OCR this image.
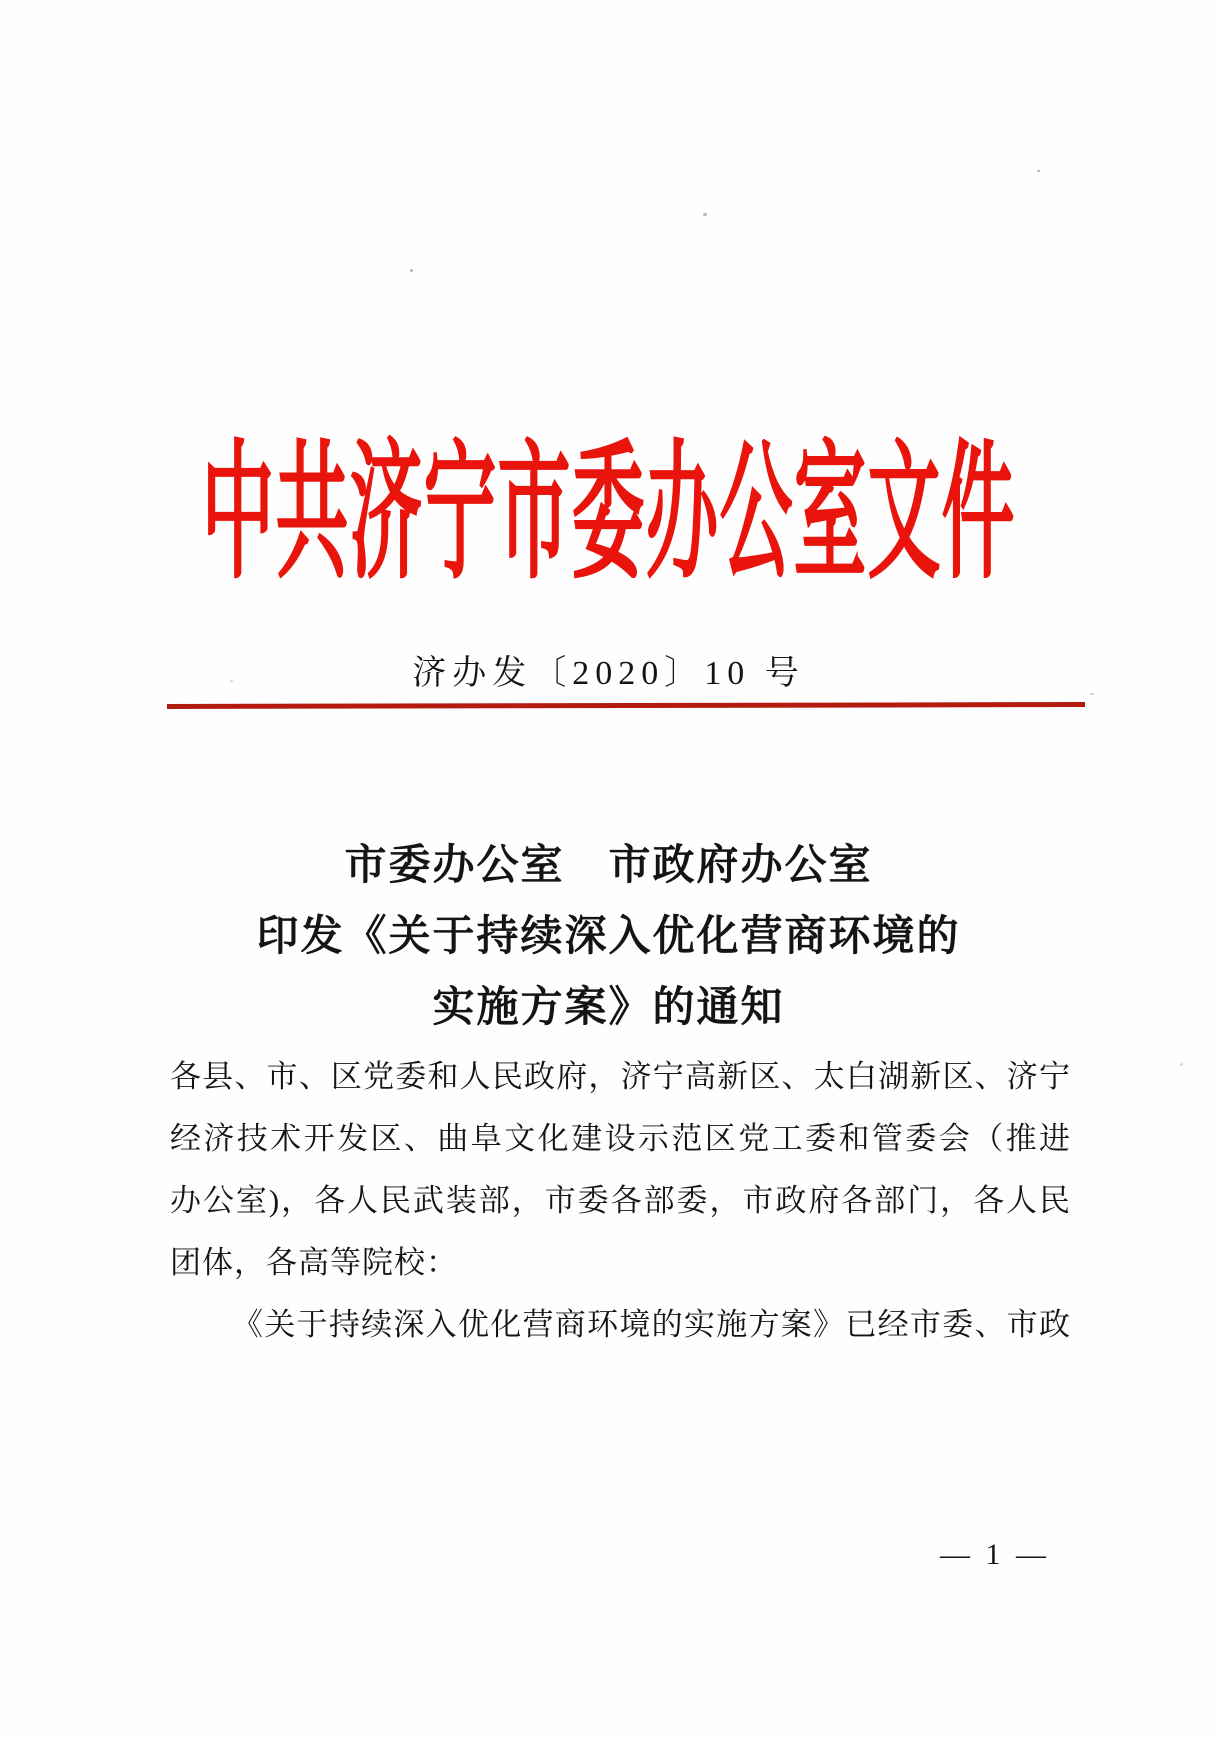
中共济宁市委办公室文件
济办发〔2020〕10 号
市委办公室　市政府办公室
印发《关于持续深入优化营商环境的
实施方案》的通知
各县、市、区党委和人民政府，济宁高新区、太白湖新区、济宁
经济技术开发区、曲阜文化建设示范区党工委和管委会（推进
办公室)，各人民武装部，市委各部委，市政府各部门，各人民
团体，各高等院校：
《关于持续深入优化营商环境的实施方案》已经市委、市政
— 1 —
